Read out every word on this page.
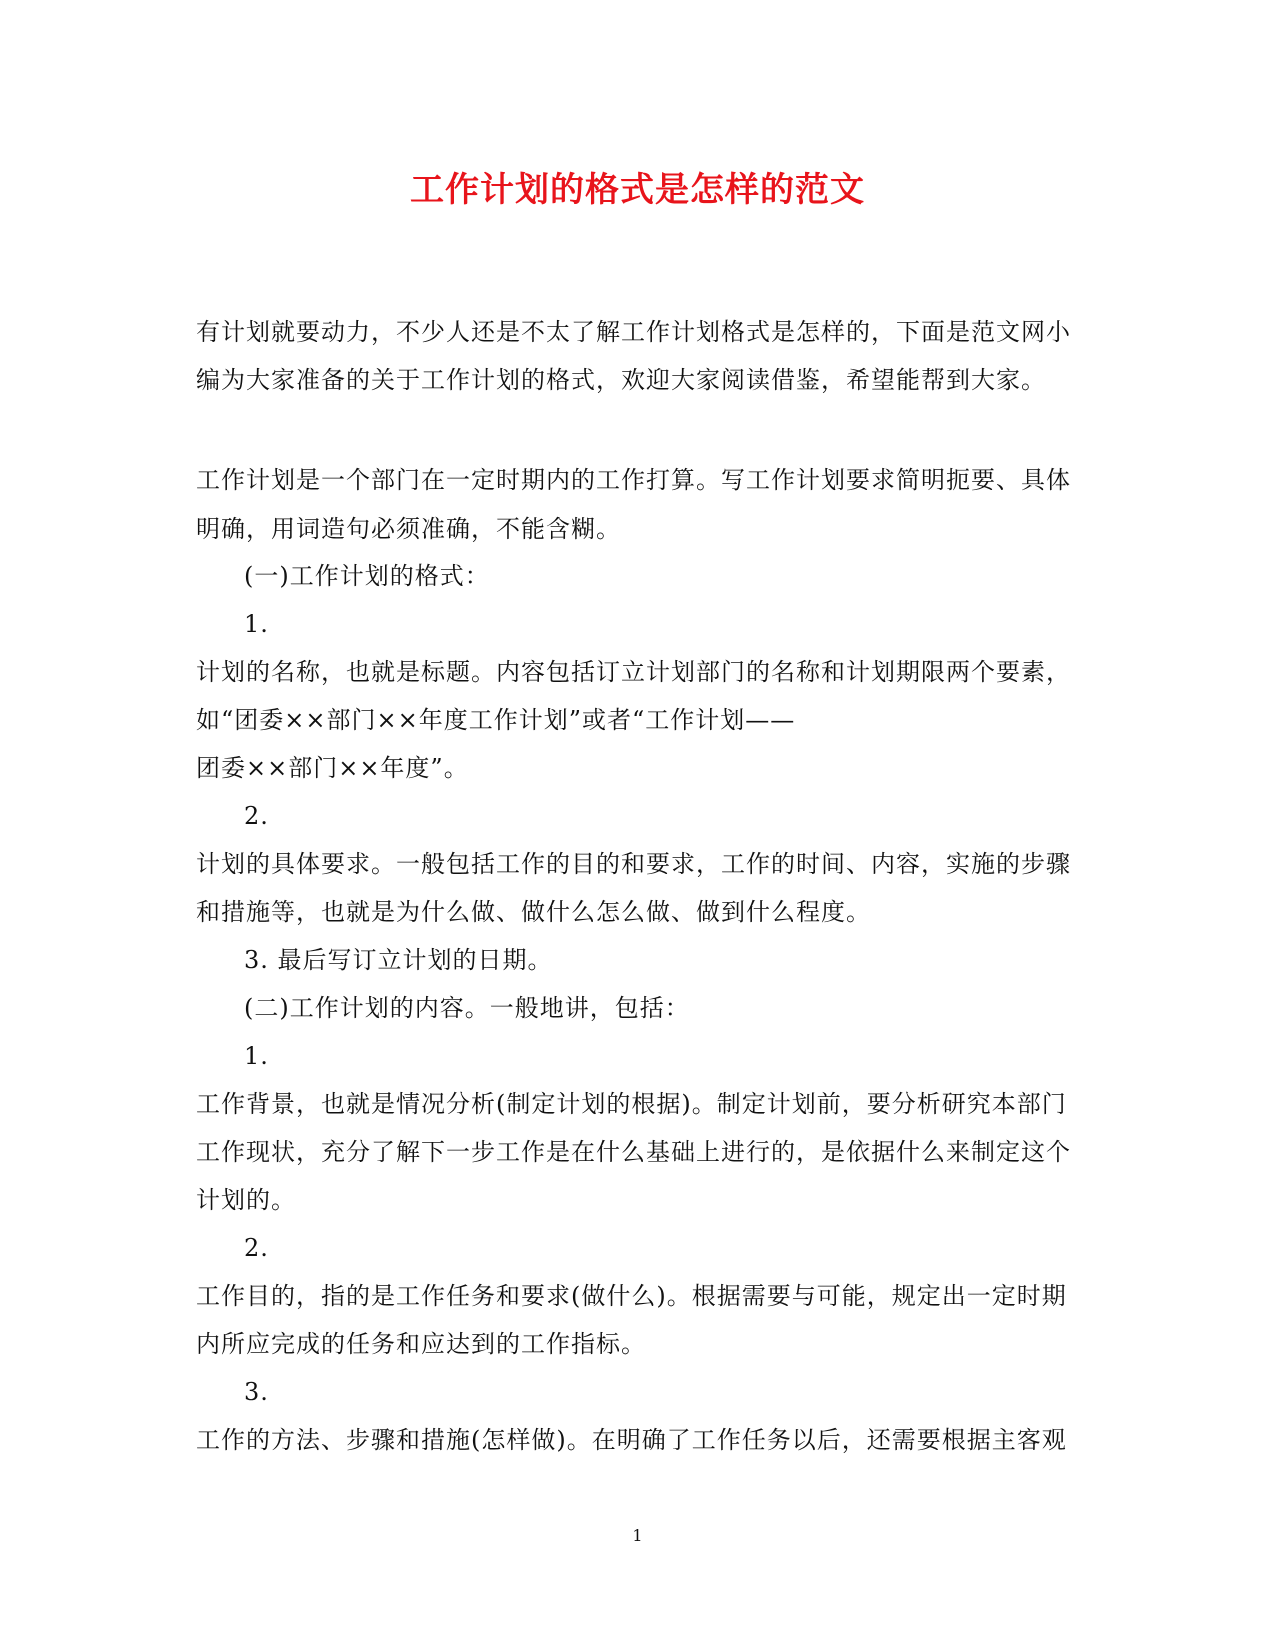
工作计划的格式是怎样的范文
有计划就要动力，不少人还是不太了解工作计划格式是怎样的，下面是范文网小
编为大家准备的关于工作计划的格式，欢迎大家阅读借鉴，希望能帮到大家。
工作计划是一个部门在一定时期内的工作打算。写工作计划要求简明扼要、具体
明确，用词造句必须准确，不能含糊。
(一)工作计划的格式：
1.
计划的名称，也就是标题。内容包括订立计划部门的名称和计划期限两个要素，
如“团委××部门××年度工作计划”或者“工作计划——
团委××部门××年度”。
2.
计划的具体要求。一般包括工作的目的和要求，工作的时间、内容，实施的步骤
和措施等，也就是为什么做、做什么怎么做、做到什么程度。
3. 最后写订立计划的日期。
(二)工作计划的内容。一般地讲，包括：
1.
工作背景，也就是情况分析(制定计划的根据)。制定计划前，要分析研究本部门
工作现状，充分了解下一步工作是在什么基础上进行的，是依据什么来制定这个
计划的。
2.
工作目的，指的是工作任务和要求(做什么)。根据需要与可能，规定出一定时期
内所应完成的任务和应达到的工作指标。
3.
工作的方法、步骤和措施(怎样做)。在明确了工作任务以后，还需要根据主客观
1
